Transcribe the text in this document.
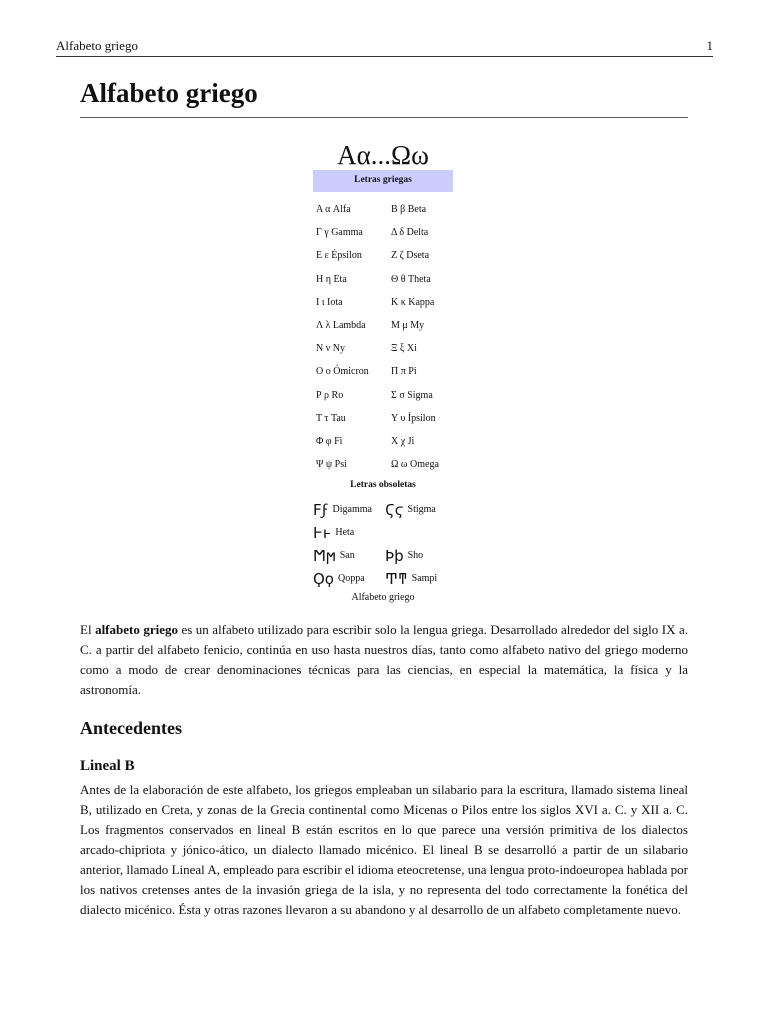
Alfabeto griego	1
Alfabeto griego
Αα...Ωω
Letras griegas
Α α Alfa	Β β Beta
Γ γ Gamma	Δ δ Delta
Ε ε Épsilon	Ζ ζ Dseta
Η η Eta	Θ θ Theta
Ι ι Iota	Κ κ Kappa
Λ λ Lambda	Μ μ My
Ν ν Ny	Ξ ξ Xi
Ο ο Ómicron	Π π Pi
Ρ ρ Ro	Σ σ Sigma
Τ τ Tau	Υ υ Ípsilon
Φ φ Fi	Χ χ Ji
Ψ ψ Psi	Ω ω Omega
Letras obsoletas
Ϝϝ Digamma Ϛϛ Stigma
Ͱͱ Heta
Ϻϻ San Ϸϸ Sho
Ϙϙ Qoppa Ͳͳ Sampi
Alfabeto griego

El alfabeto griego es un alfabeto utilizado para escribir solo la lengua griega. Desarrollado alrededor del siglo IX a. C. a partir del alfabeto fenicio, continúa en uso hasta nuestros días, tanto como alfabeto nativo del griego moderno como a modo de crear denominaciones técnicas para las ciencias, en especial la matemática, la física y la astronomía.

Antecedentes
Lineal B

Antes de la elaboración de este alfabeto, los griegos empleaban un silabario para la escritura, llamado sistema lineal B, utilizado en Creta, y zonas de la Grecia continental como Micenas o Pilos entre los siglos XVI a. C. y XII a. C. Los fragmentos conservados en lineal B están escritos en lo que parece una versión primitiva de los dialectos arcado-chipriota y jónico-ático, un dialecto llamado micénico. El lineal B se desarrolló a partir de un silabario anterior, llamado Lineal A, empleado para escribir el idioma eteocretense, una lengua proto-indoeuropea hablada por los nativos cretenses antes de la invasión griega de la isla, y no representa del todo correctamente la fonética del dialecto micénico. Ésta y otras razones llevaron a su abandono y al desarrollo de un alfabeto completamente nuevo.
